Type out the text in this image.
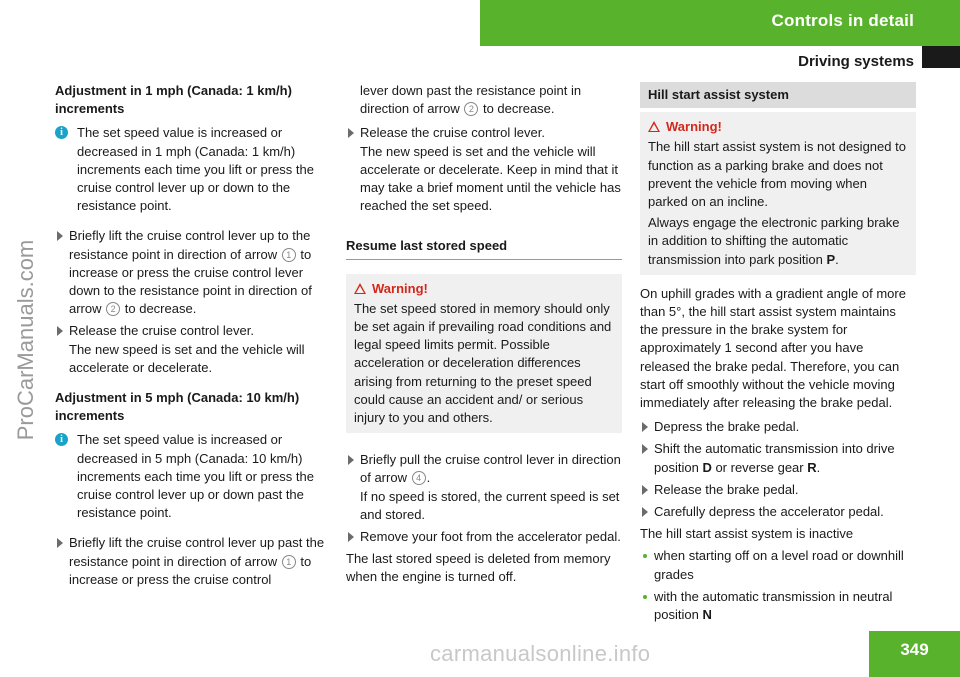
Controls in detail
Driving systems
ProCarManuals.com

Adjustment in 1 mph (Canada: 1 km/h) increments

i	The set speed value is increased or decreased in 1 mph (Canada: 1 km/h) increments each time you lift or press the cruise control lever up or down to the resistance point.
Briefly lift the cruise control lever up to the resistance point in direction of arrow 1 to increase or press the cruise control lever down to the resistance point in direction of arrow 2 to decrease.
Release the cruise control lever.
The new speed is set and the vehicle will accelerate or decelerate.

Adjustment in 5 mph (Canada: 10 km/h) increments

i	The set speed value is increased or decreased in 5 mph (Canada: 10 km/h) increments each time you lift or press the cruise control lever up or down past the resistance point.
Briefly lift the cruise control lever up past the resistance point in direction of arrow 1 to increase or press the cruise control
lever down past the resistance point in direction of arrow 2 to decrease.
Release the cruise control lever.
The new speed is set and the vehicle will accelerate or decelerate. Keep in mind that it may take a brief moment until the vehicle has reached the set speed.
Resume last stored speed
Warning!
The set speed stored in memory should only be set again if prevailing road conditions and legal speed limits permit. Possible acceleration or deceleration differences arising from returning to the preset speed could cause an accident and/ or serious injury to you and others.
Briefly pull the cruise control lever in direction of arrow 4 .
If no speed is stored, the current speed is set and stored.
Remove your foot from the accelerator pedal.

The last stored speed is deleted from memory when the engine is turned off.

Hill start assist system
Warning!
The hill start assist system is not designed to function as a parking brake and does not prevent the vehicle from moving when parked on an incline.
Always engage the electronic parking brake in addition to shifting the automatic transmission into park position P.

On uphill grades with a gradient angle of more than 5°, the hill start assist system maintains the pressure in the brake system for approximately 1 second after you have released the brake pedal. Therefore, you can start off smoothly without the vehicle moving immediately after releasing the brake pedal.

Depress the brake pedal.
Shift the automatic transmission into drive position D or reverse gear R.
Release the brake pedal.
Carefully depress the accelerator pedal.

The hill start assist system is inactive

when starting off on a level road or downhill grades
with the automatic transmission in neutral position N
349
carmanualsonline.info
